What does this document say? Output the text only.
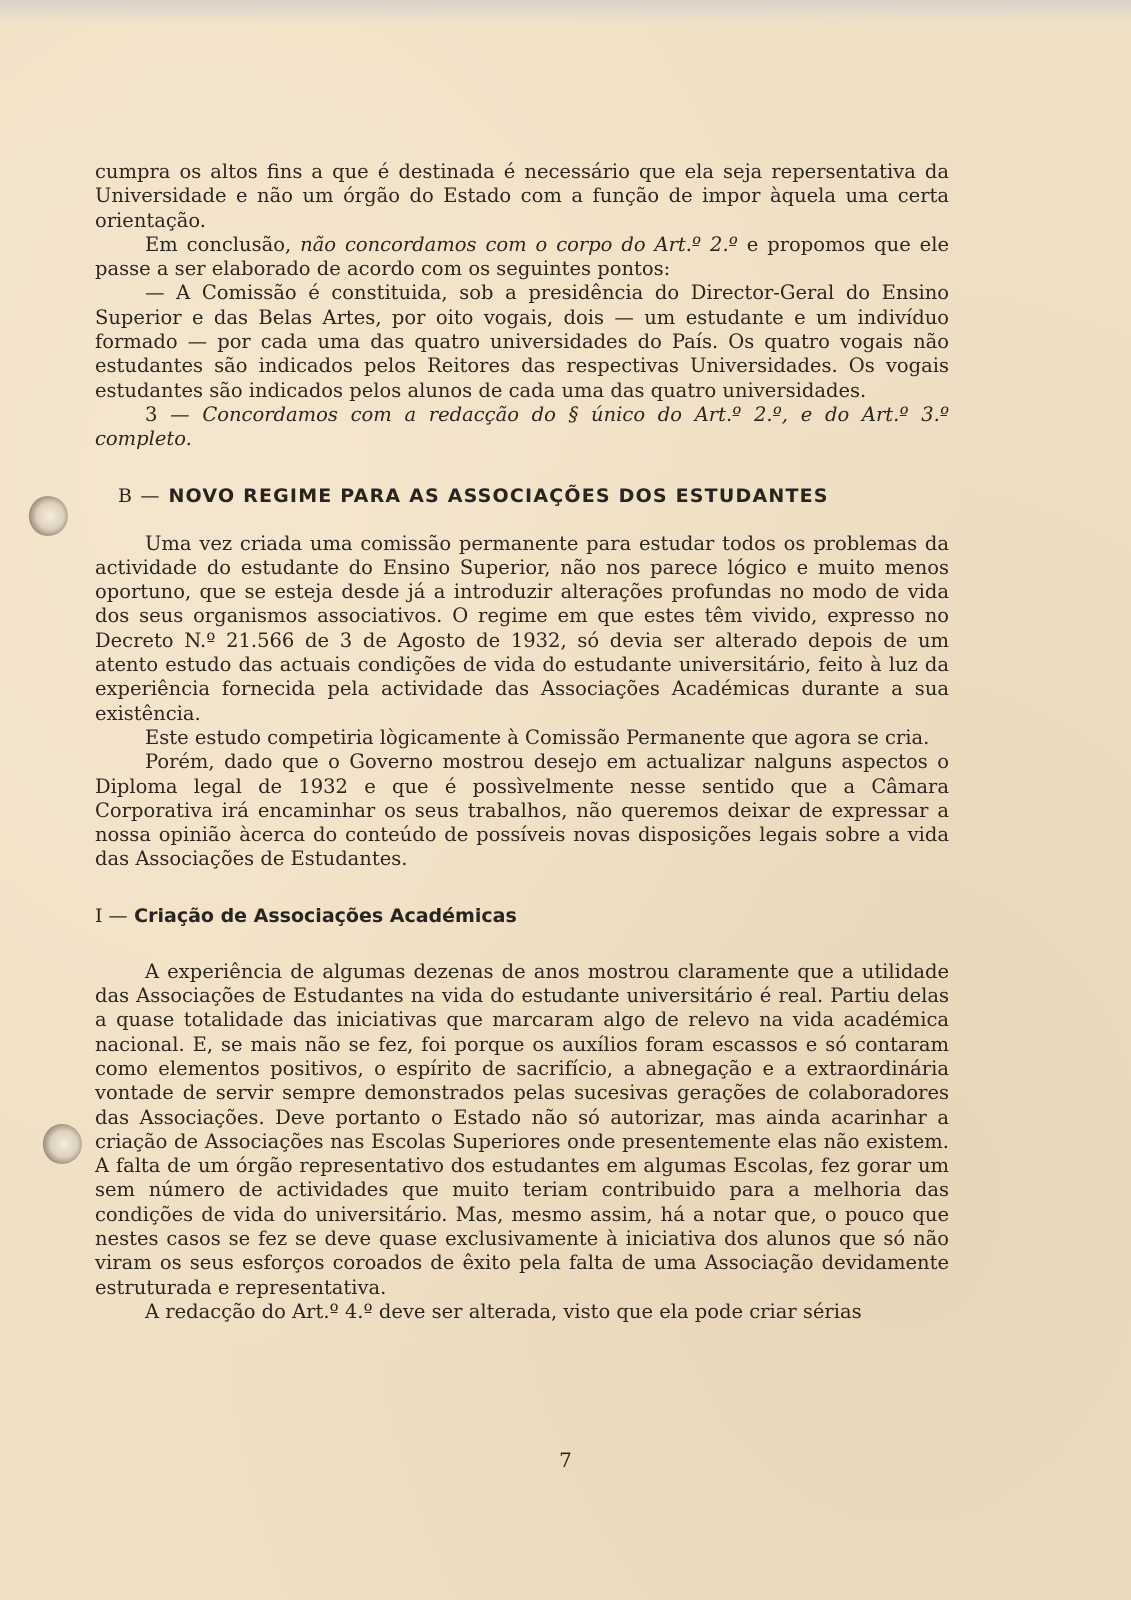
cumpra os altos fins a que é destinada é necessário que ela seja repersentativa da Universidade e não um órgão do Estado com a função de impor àquela uma certa orientação.

Em conclusão, não concordamos com o corpo do Art.º 2.º e propomos que ele passe a ser elaborado de acordo com os seguintes pontos:

— A Comissão é constituida, sob a presidência do Director-Geral do Ensino Superior e das Belas Artes, por oito vogais, dois — um estudante e um indivíduo formado — por cada uma das quatro universidades do País. Os quatro vogais não estudantes são indicados pelos Reitores das respectivas Universidades. Os vogais estudantes são indicados pelos alunos de cada uma das quatro universidades.

3 — Concordamos com a redacção do § único do Art.º 2.º, e do Art.º 3.º completo.

B — NOVO REGIME PARA AS ASSOCIAÇÕES DOS ESTUDANTES

Uma vez criada uma comissão permanente para estudar todos os problemas da actividade do estudante do Ensino Superior, não nos parece lógico e muito menos oportuno, que se esteja desde já a introduzir alterações profundas no modo de vida dos seus organismos associativos. O regime em que estes têm vivido, expresso no Decreto N.º 21.566 de 3 de Agosto de 1932, só devia ser alterado depois de um atento estudo das actuais condições de vida do estudante universitário, feito à luz da experiência fornecida pela actividade das Associações Académicas durante a sua existência.

Este estudo competiria lògicamente à Comissão Permanente que agora se cria.

Porém, dado que o Governo mostrou desejo em actualizar nalguns aspectos o Diploma legal de 1932 e que é possìvelmente nesse sentido que a Câmara Corporativa irá encaminhar os seus trabalhos, não queremos deixar de expressar a nossa opinião àcerca do conteúdo de possíveis novas disposições legais sobre a vida das Associações de Estudantes.

I — Criação de Associações Académicas

A experiência de algumas dezenas de anos mostrou claramente que a utilidade das Associações de Estudantes na vida do estudante universitário é real. Partiu delas a quase totalidade das iniciativas que marcaram algo de relevo na vida académica nacional. E, se mais não se fez, foi porque os auxílios foram escassos e só contaram como elementos positivos, o espírito de sacrifício, a abnegação e a extraordinária vontade de servir sempre demonstrados pelas sucesivas gerações de colaboradores das Associações. Deve portanto o Estado não só autorizar, mas ainda acarinhar a criação de Associações nas Escolas Superiores onde presentemente elas não existem. A falta de um órgão representativo dos estudantes em algumas Escolas, fez gorar um sem número de actividades que muito teriam contribuido para a melhoria das condições de vida do universitário. Mas, mesmo assim, há a notar que, o pouco que nestes casos se fez se deve quase exclusivamente à iniciativa dos alunos que só não viram os seus esforços coroados de êxito pela falta de uma Associação devidamente estruturada e representativa.

A redacção do Art.º 4.º deve ser alterada, visto que ela pode criar sérias

7
